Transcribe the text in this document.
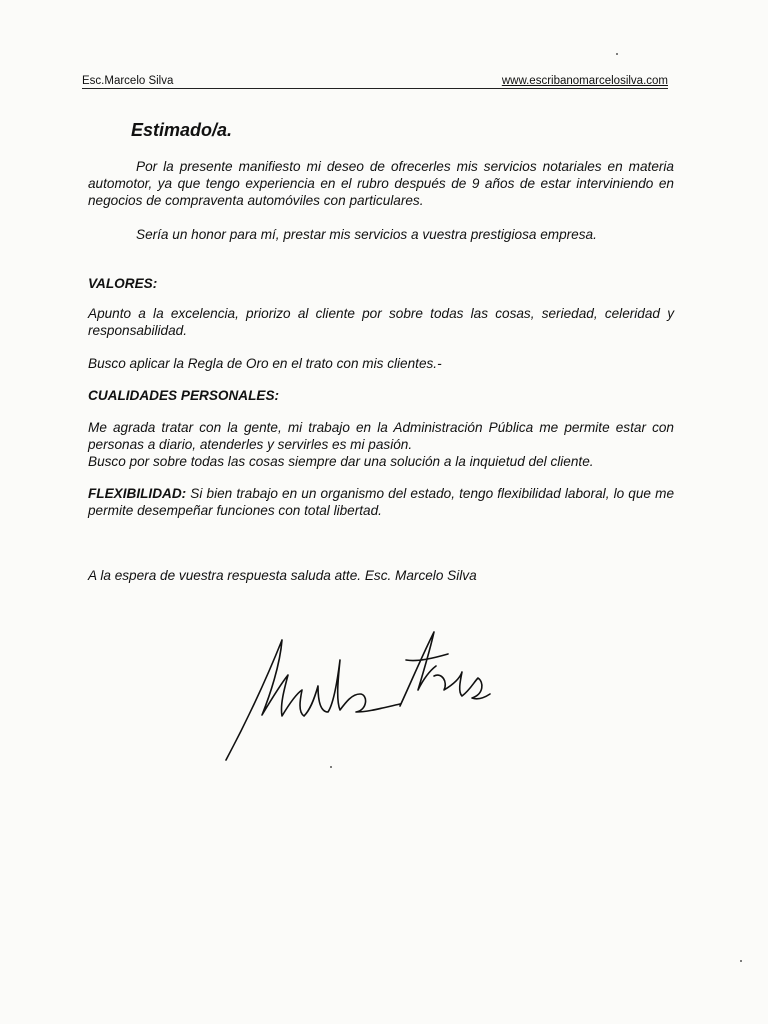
Esc.Marcelo Silva	www.escribanomarcelosilva.com
Estimado/a.

Por la presente manifiesto mi deseo de ofrecerles mis servicios notariales en materia automotor, ya que tengo experiencia en el rubro después de 9 años de estar interviniendo en negocios de compraventa automóviles con particulares.

Sería un honor para mí, prestar mis servicios a vuestra prestigiosa empresa.

VALORES:

Apunto a la excelencia, priorizo al cliente por sobre todas las cosas, seriedad, celeridad y responsabilidad.

Busco aplicar la Regla de Oro en el trato con mis clientes.-

CUALIDADES PERSONALES:

Me agrada tratar con la gente, mi trabajo en la Administración Pública me permite estar con personas a diario, atenderles y servirles es mi pasión.

Busco por sobre todas las cosas siempre dar una solución a la inquietud del cliente.

FLEXIBILIDAD: Si bien trabajo en un organismo del estado, tengo flexibilidad laboral, lo que me permite desempeñar funciones con total libertad.

A la espera de vuestra respuesta saluda atte. Esc. Marcelo Silva
